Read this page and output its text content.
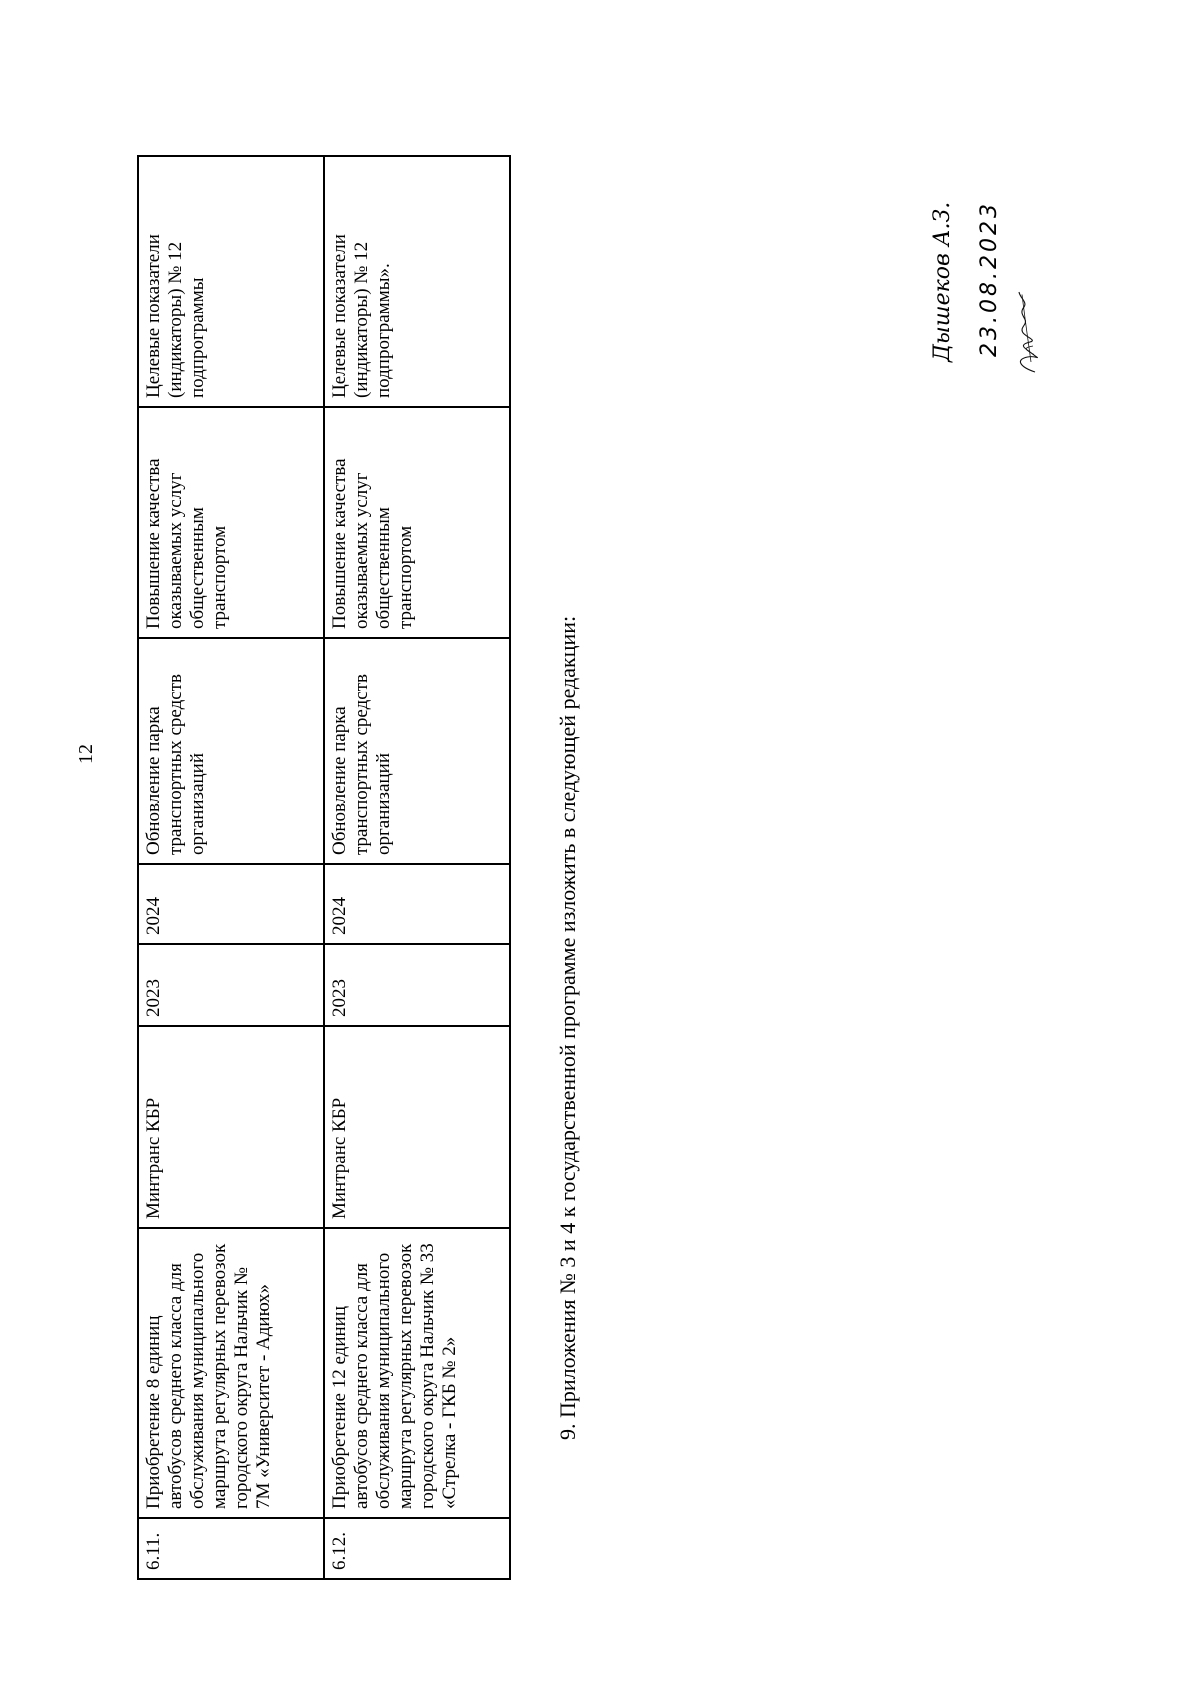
12
6.11.	Приобретение 8 единиц автобусов среднего класса для обслуживания муниципального маршрута регулярных перевозок городского округа Нальчик № 7М «Университет - Адиюх»	Минтранс КБР	2023	2024	Обновление парка транспортных средств организаций	Повышение качества оказываемых услуг общественным транспортом	Целевые показатели (индикаторы) № 12 подпрограммы
6.12.	Приобретение 12 единиц автобусов среднего класса для обслуживания муниципального маршрута регулярных перевозок городского округа Нальчик № 33 «Стрелка - ГКБ № 2»	Минтранс КБР	2023	2024	Обновление парка транспортных средств организаций	Повышение качества оказываемых услуг общественным транспортом	Целевые показатели (индикаторы) № 12 подпрограммы».
9. Приложения № 3 и 4 к государственной программе изложить в следующей редакции:
Дышеков А.З. 23.08.2023
